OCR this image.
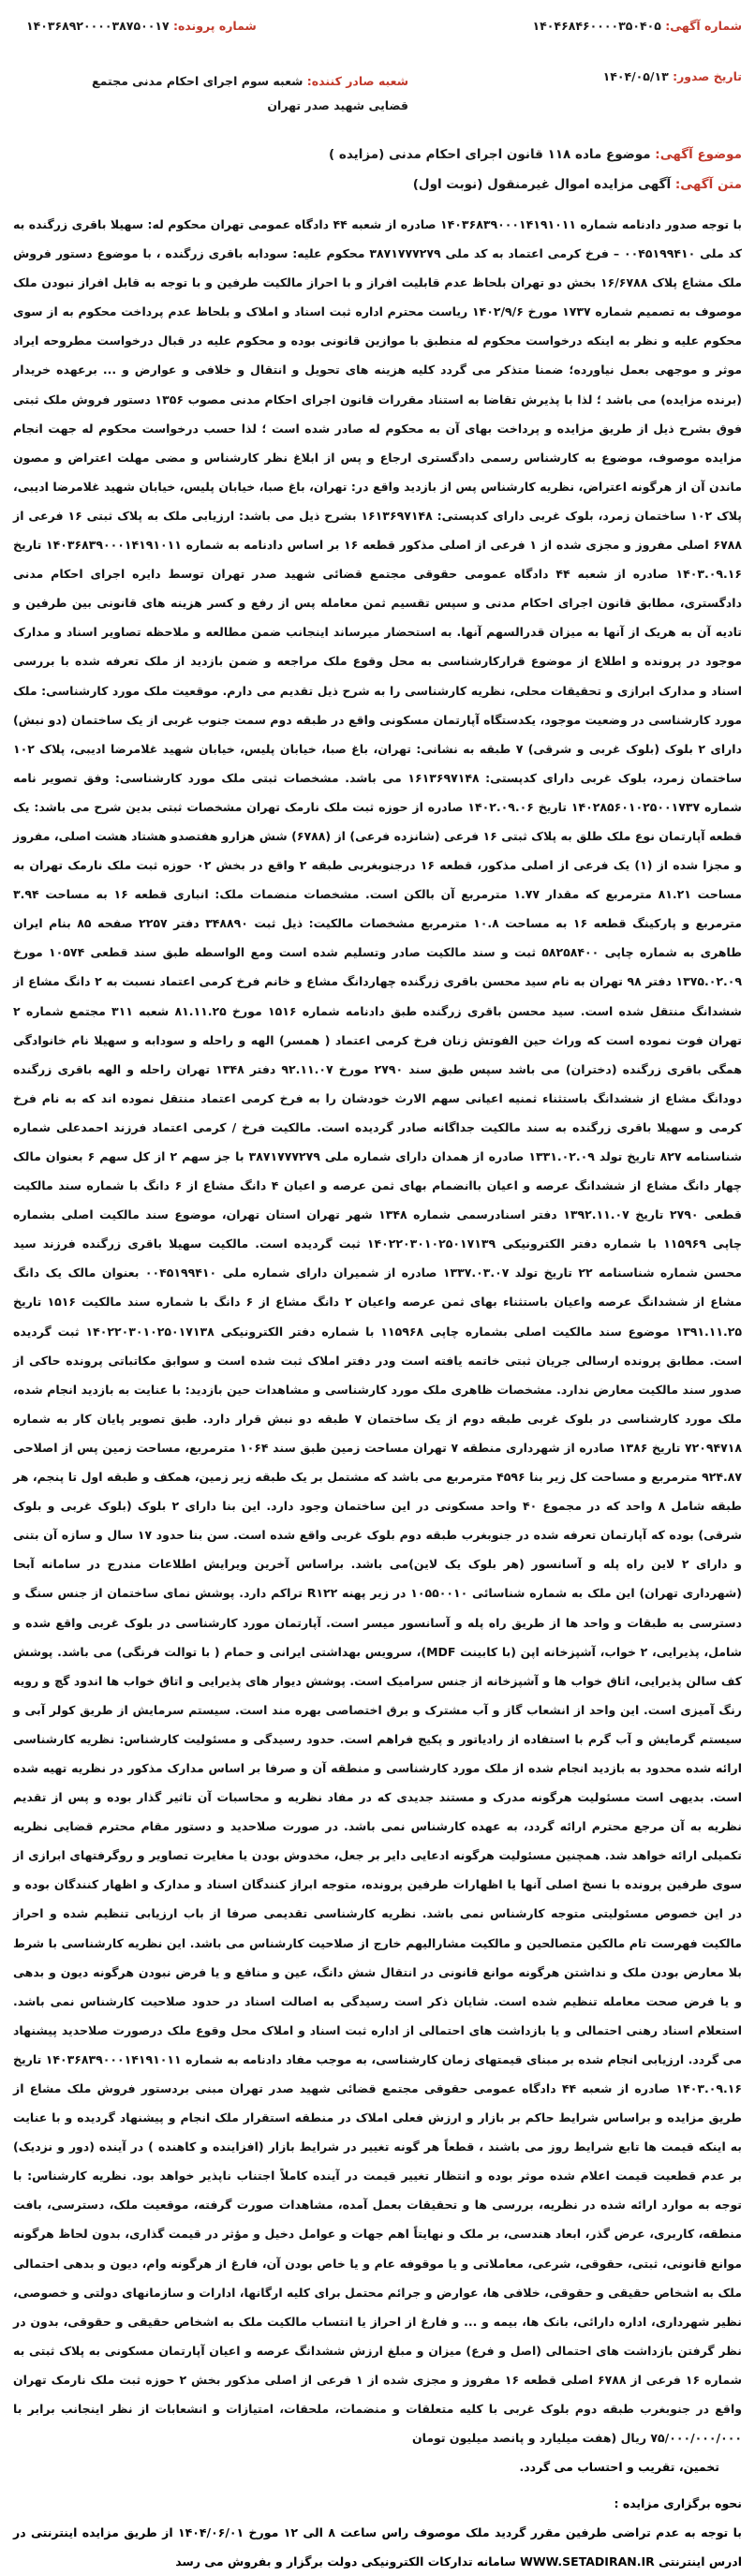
شماره آگهی: ۱۴۰۴۶۸۴۶۰۰۰۰۳۵۰۴۰۵
شماره پرونده: ۱۴۰۳۶۸۹۲۰۰۰۰۳۸۷۵۰۰۱۷
تاریخ صدور: ۱۴۰۴/۰۵/۱۳
شعبه صادر کننده: شعبه سوم اجرای احکام مدنی مجتمع قضایی شهید صدر تهران
موضوع آگهی: موضوع ماده ۱۱۸ قانون اجرای احکام مدنی (مزایده )
متن آگهی: آگهی مزایده اموال غیرمنقول (نوبت اول)
با توجه صدور دادنامه شماره ۱۴۰۳۶۸۳۹۰۰۰۱۴۱۹۱۰۱۱ صادره از شعبه ۴۴ دادگاه عمومی تهران محکوم له: سهیلا باقری زرگنده به کد ملی ۰۰۴۵۱۹۹۴۱۰ – فرخ کرمی اعتماد به کد ملی ۳۸۷۱۷۷۷۲۷۹ محکوم علیه: سودابه باقری زرگنده ، با موضوع دستور فروش ملک مشاع پلاک ۱۶/۶۷۸۸ بخش دو تهران بلحاظ عدم قابلیت افراز و با احراز مالکیت طرفین و با توجه به قابل افراز نبودن ملک موصوف به تصمیم شماره ۱۷۳۷ مورخ ۱۴۰۲/۹/۶ ریاست محترم اداره ثبت اسناد و املاک و بلحاظ عدم پرداخت محکوم به از سوی محکوم علیه و نظر به اینکه درخواست محکوم له منطبق با موازین قانونی بوده و محکوم علیه در قبال درخواست مطروحه ایراد موثر و موجهی بعمل نیاورده؛ ضمنا متذکر می گردد کلیه هزینه های تحویل و انتقال و خلافی و عوارض و ... برعهده خریدار (برنده مزایده) می باشد ؛ لذا با پذیرش تقاضا به استناد مقررات قانون اجرای احکام مدنی مصوب ۱۳۵۶ دستور فروش ملک ثبتی فوق بشرح ذیل از طریق مزایده و پرداخت بهای آن به محکوم له صادر شده است ؛ لذا حسب درخواست محکوم له جهت انجام مزایده موصوف، موضوع به کارشناس رسمی دادگستری ارجاع و پس از ابلاغ نظر کارشناس و مضی مهلت اعتراض و مصون ماندن آن از هرگونه اعتراض، نظریه کارشناس پس از بازدید واقع در: تهران، باغ صبا، خیابان پلیس، خیابان شهید غلامرضا ادیبی، پلاک ۱۰۲ ساختمان زمرد، بلوک غربی دارای کدپستی: ۱۶۱۳۶۹۷۱۴۸ بشرح ذیل می باشد: ارزیابی ملک به پلاک ثبتی ۱۶ فرعی از ۶۷۸۸ اصلی مفروز و مجزی شده از ۱ فرعی از اصلی مذکور قطعه ۱۶ بر اساس دادنامه به شماره ۱۴۰۳۶۸۳۹۰۰۰۱۴۱۹۱۰۱۱ تاریخ ۱۴۰۳.۰۹.۱۶ صادره از شعبه ۴۴ دادگاه عمومی حقوقی مجتمع قضائی شهید صدر تهران توسط دایره اجرای احکام مدنی دادگستری، مطابق قانون اجرای احکام مدنی و سپس تقسیم ثمن معامله پس از رفع و کسر هزینه های قانونی بین طرفین و تادیه آن به هریک از آنها به میزان قدرالسهم آنها. به استحضار میرساند اینجانب ضمن مطالعه و ملاحظه تصاویر اسناد و مدارک موجود در پرونده و اطلاع از موضوع قرارکارشناسی به محل وقوع ملک مراجعه و ضمن بازدید از ملک تعرفه شده با بررسی اسناد و مدارک ابرازی و تحقیقات محلی، نظریه کارشناسی را به شرح ذیل تقدیم می دارم. موقعیت ملک مورد کارشناسی: ملک مورد کارشناسی در وضعیت موجود، یکدستگاه آپارتمان مسکونی واقع در طبقه دوم سمت جنوب غربی از یک ساختمان (دو نبش) دارای ۲ بلوک (بلوک غربی و شرقی) ۷ طبقه به نشانی: تهران، باغ صبا، خیابان پلیس، خیابان شهید غلامرضا ادیبی، پلاک ۱۰۲ ساختمان زمرد، بلوک غربی دارای کدپستی: ۱۶۱۳۶۹۷۱۴۸ می باشد. مشخصات ثبتی ملک مورد کارشناسی: وفق تصویر نامه شماره ۱۴۰۲۸۵۶۰۱۰۲۵۰۰۱۷۳۷ تاریخ ۱۴۰۲.۰۹.۰۶ صادره از حوزه ثبت ملک نارمک تهران مشخصات ثبتی بدین شرح می باشد: یک قطعه آپارتمان نوع ملک طلق به پلاک ثبتی ۱۶ فرعی (شانزده فرعی) از (۶۷۸۸) شش هزارو هفتصدو هشتاد هشت اصلی، مفروز و مجزا شده از (۱) یک فرعی از اصلی مذکور، قطعه ۱۶ درجنوبغربی طبقه ۲ واقع در بخش ۰۲ حوزه ثبت ملک نارمک تهران به مساحت ۸۱.۲۱ مترمربع که مقدار ۱.۷۷ مترمربع آن بالکن است. مشخصات منضمات ملک: انباری قطعه ۱۶ به مساحت ۳.۹۴ مترمربع و پارکینگ قطعه ۱۶ به مساحت ۱۰.۸ مترمربع مشخصات مالکیت: ذیل ثبت ۳۴۸۸۹۰ دفتر ۲۲۵۷ صفحه ۸۵ بنام ایران طاهری به شماره چاپی ۵۸۲۵۸۴۰۰ ثبت و سند مالکیت صادر وتسلیم شده است ومع الواسطه طبق سند قطعی ۱۰۵۷۴ مورخ ۱۳۷۵.۰۲.۰۹ دفتر ۹۸ تهران به نام سید محسن باقری زرگنده چهاردانگ مشاع و خانم فرخ کرمی اعتماد نسبت به ۲ دانگ مشاع از ششدانگ منتقل شده است. سید محسن باقری زرگنده طبق دادنامه شماره ۱۵۱۶ مورخ ۸۱.۱۱.۲۵ شعبه ۳۱۱ مجتمع شماره ۲ تهران فوت نموده است که وراث حین الفوتش زنان فرخ کرمی اعتماد ( همسر) الهه و راحله و سودابه و سهیلا نام خانوادگی همگی باقری زرگنده (دختران) می باشد سپس طبق سند ۲۷۹۰ مورخ ۹۲.۱۱.۰۷ دفتر ۱۳۴۸ تهران راحله و الهه باقری زرگنده دودانگ مشاع از ششدانگ باستثناء ثمنیه اعیانی سهم الارث خودشان را به فرخ کرمی اعتماد منتقل نموده اند که به نام فرخ کرمی و سهیلا باقری زرگنده به سند مالکیت جداگانه صادر گردیده است. مالکیت فرخ / کرمی اعتماد فرزند احمدعلی شماره شناسنامه ۸۲۷ تاریخ تولد ۱۳۳۱.۰۲.۰۹ صادره از همدان دارای شماره ملی ۳۸۷۱۷۷۷۲۷۹ با جز سهم ۲ از کل سهم ۶ بعنوان مالک چهار دانگ مشاع از ششدانگ عرصه و اعیان باانضمام بهای ثمن عرصه و اعیان ۴ دانگ مشاع از ۶ دانگ با شماره سند مالکیت قطعی ۲۷۹۰ تاریخ ۱۳۹۲.۱۱.۰۷ دفتر اسنادرسمی شماره ۱۳۴۸ شهر تهران استان تهران، موضوع سند مالکیت اصلی بشماره چاپی ۱۱۵۹۶۹ با شماره دفتر الکترونیکی ۱۴۰۲۲۰۳۰۱۰۲۵۰۱۷۱۳۹ ثبت گردیده است. مالکیت سهیلا باقری زرگنده فرزند سید محسن شماره شناسنامه ۲۲ تاریخ تولد ۱۳۳۷.۰۳.۰۷ صادره از شمیران دارای شماره ملی ۰۰۴۵۱۹۹۴۱۰ بعنوان مالک یک دانگ مشاع از ششدانگ عرصه واعیان باستثناء بهای ثمن عرصه واعیان ۲ دانگ مشاع از ۶ دانگ با شماره سند مالکیت ۱۵۱۶ تاریخ ۱۳۹۱.۱۱.۲۵ موضوع سند مالکیت اصلی بشماره چاپی ۱۱۵۹۶۸ با شماره دفتر الکترونیکی ۱۴۰۲۲۰۳۰۱۰۲۵۰۱۷۱۳۸ ثبت گردیده است. مطابق پرونده ارسالی جریان ثبتی خاتمه یافته است ودر دفتر املاک ثبت شده است و سوابق مکاتباتی پرونده حاکی از صدور سند مالکیت معارض ندارد. مشخصات ظاهری ملک مورد کارشناسی و مشاهدات حین بازدید: با عنایت به بازدید انجام شده، ملک مورد کارشناسی در بلوک غربی طبقه دوم از یک ساختمان ۷ طبقه دو نبش قرار دارد. طبق تصویر پایان کار به شماره ۷۲۰۹۴۷۱۸ تاریخ ۱۳۸۶ صادره از شهرداری منطقه ۷ تهران مساحت زمین طبق سند ۱۰۶۴ مترمربع، مساحت زمین پس از اصلاحی ۹۲۴.۸۷ مترمربع و مساحت کل زیر بنا ۴۵۹۶ مترمربع می باشد که مشتمل بر یک طبقه زیر زمین، همکف و طبقه اول تا پنجم، هر طبقه شامل ۸ واحد که در مجموع ۴۰ واحد مسکونی در این ساختمان وجود دارد. این بنا دارای ۲ بلوک (بلوک غربی و بلوک شرقی) بوده که آپارتمان تعرفه شده در جنوبغرب طبقه دوم بلوک غربی واقع شده است. سن بنا حدود ۱۷ سال و سازه آن بتنی و دارای ۲ لاین راه پله و آسانسور (هر بلوک یک لاین)می باشد. براساس آخرین ویرایش اطلاعات مندرج در سامانه آبحا (شهرداری تهران) این ملک به شماره شناسائی ۱۰۵۵۰۰۱۰ در زیر پهنه R۱۲۲ تراکم دارد. پوشش نمای ساختمان از جنس سنگ و دسترسی به طبقات و واحد ها از طریق راه پله و آسانسور میسر است. آپارتمان مورد کارشناسی در بلوک غربی واقع شده و شامل، پذیرایی، ۲ خواب، آشپزخانه اپن (با کابینت MDF)، سرویس بهداشتی ایرانی و حمام ( با توالت فرنگی) می باشد. پوشش کف سالن پذیرایی، اتاق خواب ها و آشپزخانه از جنس سرامیک است. پوشش دیوار های پذیرایی و اتاق خواب ها اندود گچ و رویه رنگ آمیزی است. این واحد از انشعاب گاز و آب مشترک و برق اختصاصی بهره مند است. سیستم سرمایش از طریق کولر آبی و سیستم گرمایش و آب گرم با استفاده از رادیاتور و پکیج فراهم است. حدود رسیدگی و مسئولیت کارشناس: نظریه کارشناسی ارائه شده محدود به بازدید انجام شده از ملک مورد کارشناسی و منطقه آن و صرفا بر اساس مدارک مذکور در نظریه تهیه شده است. بدیهی است مسئولیت هرگونه مدرک و مستند جدیدی که در مفاد نظریه و محاسبات آن تاثیر گذار بوده و پس از تقدیم نظریه به آن مرجع محترم ارائه گردد، به عهده کارشناس نمی باشد. در صورت صلاحدید و دستور مقام محترم قضایی نظریه تکمیلی ارائه خواهد شد. همچنین مسئولیت هرگونه ادعایی دایر بر جعل، مخدوش بودن یا مغایرت تصاویر و روگرفتهای ابرازی از سوی طرفین پرونده با نسخ اصلی آنها یا اظهارات طرفین پرونده، متوجه ابراز کنندگان اسناد و مدارک و اظهار کنندگان بوده و در این خصوص مسئولیتی متوجه کارشناس نمی باشد. نظریه کارشناسی تقدیمی صرفا از باب ارزیابی تنظیم شده و احراز مالکیت فهرست تام مالکین متصالحین و مالکیت مشارالیهم خارج از صلاحیت کارشناس می باشد. این نظریه کارشناسی با شرط بلا معارض بودن ملک و نداشتن هرگونه موانع قانونی در انتقال شش دانگ، عین و منافع و یا فرض نبودن هرگونه دیون و بدهی و یا فرض صحت معامله تنظیم شده است. شایان ذکر است رسیدگی به اصالت اسناد در حدود صلاحیت کارشناس نمی باشد. استعلام اسناد رهنی احتمالی و یا بازداشت های احتمالی از اداره ثبت اسناد و املاک محل وقوع ملک درصورت صلاحدید پیشنهاد می گردد. ارزیابی انجام شده بر مبنای قیمتهای زمان کارشناسی، به موجب مفاد دادنامه به شماره ۱۴۰۳۶۸۳۹۰۰۰۱۴۱۹۱۰۱۱ تاریخ ۱۴۰۳.۰۹.۱۶ صادره از شعبه ۴۴ دادگاه عمومی حقوقی مجتمع قضائی شهید صدر تهران مبنی بردستور فروش ملک مشاع از طریق مزایده و براساس شرایط حاکم بر بازار و ارزش فعلی املاک در منطقه استقرار ملک انجام و پیشنهاد گردیده و با عنایت به اینکه قیمت ها تابع شرایط روز می باشند ، قطعاً هر گونه تغییر در شرایط بازار (افزاینده و کاهنده ) در آینده (دور و نزدیک) بر عدم قطعیت قیمت اعلام شده موثر بوده و انتظار تغییر قیمت در آینده کاملاً اجتناب ناپذیر خواهد بود. نظریه کارشناس: با توجه به موارد ارائه شده در نظریه، بررسی ها و تحقیقات بعمل آمده، مشاهدات صورت گرفته، موقعیت ملک، دسترسی، بافت منطقه، کاربری، عرض گذر، ابعاد هندسی، بر ملک و نهایتاً اهم جهات و عوامل دخیل و مؤثر در قیمت گذاری، بدون لحاظ هرگونه موانع قانونی، ثبتی، حقوقی، شرعی، معاملاتی و یا موقوفه عام و یا خاص بودن آن، فارغ از هرگونه وام، دیون و بدهی احتمالی ملک به اشخاص حقیقی و حقوقی، خلافی ها، عوارض و جرائم محتمل برای کلیه ارگانها، ادارات و سازمانهای دولتی و خصوصی، نظیر شهرداری، اداره دارائی، بانک ها، بیمه و ... و فارغ از احراز یا انتساب مالکیت ملک به اشخاص حقیقی و حقوقی، بدون در نظر گرفتن بازداشت های احتمالی (اصل و فرع) میزان و مبلغ ارزش ششدانگ عرصه و اعیان آپارتمان مسکونی به پلاک ثبتی به شماره ۱۶ فرعی از ۶۷۸۸ اصلی قطعه ۱۶ مفروز و مجزی شده از ۱ فرعی از اصلی مذکور بخش ۲ حوزه ثبت ملک نارمک تهران واقع در جنوبغرب طبقه دوم بلوک غربی با کلیه متعلقات و منضمات، ملحقات، امتیازات و انشعابات از نظر اینجانب برابر با ۷۵/۰۰۰/۰۰۰/۰۰۰ ریال (هفت میلیارد و پانصد میلیون تومان
تخمین، تقریب و احتساب می گردد.
نحوه برگزاری مزایده :
با توجه به عدم تراضی طرفین مقرر گردید ملک موصوف راس ساعت ۸ الی ۱۲ مورخ ۱۴۰۴/۰۶/۰۱ از طریق مزایده اینترنتی در ادرس اینترنتی WWW.SETADIRAN.IR سامانه تدارکات الکترونیکی دولت برگزار و بفروش می رسد
